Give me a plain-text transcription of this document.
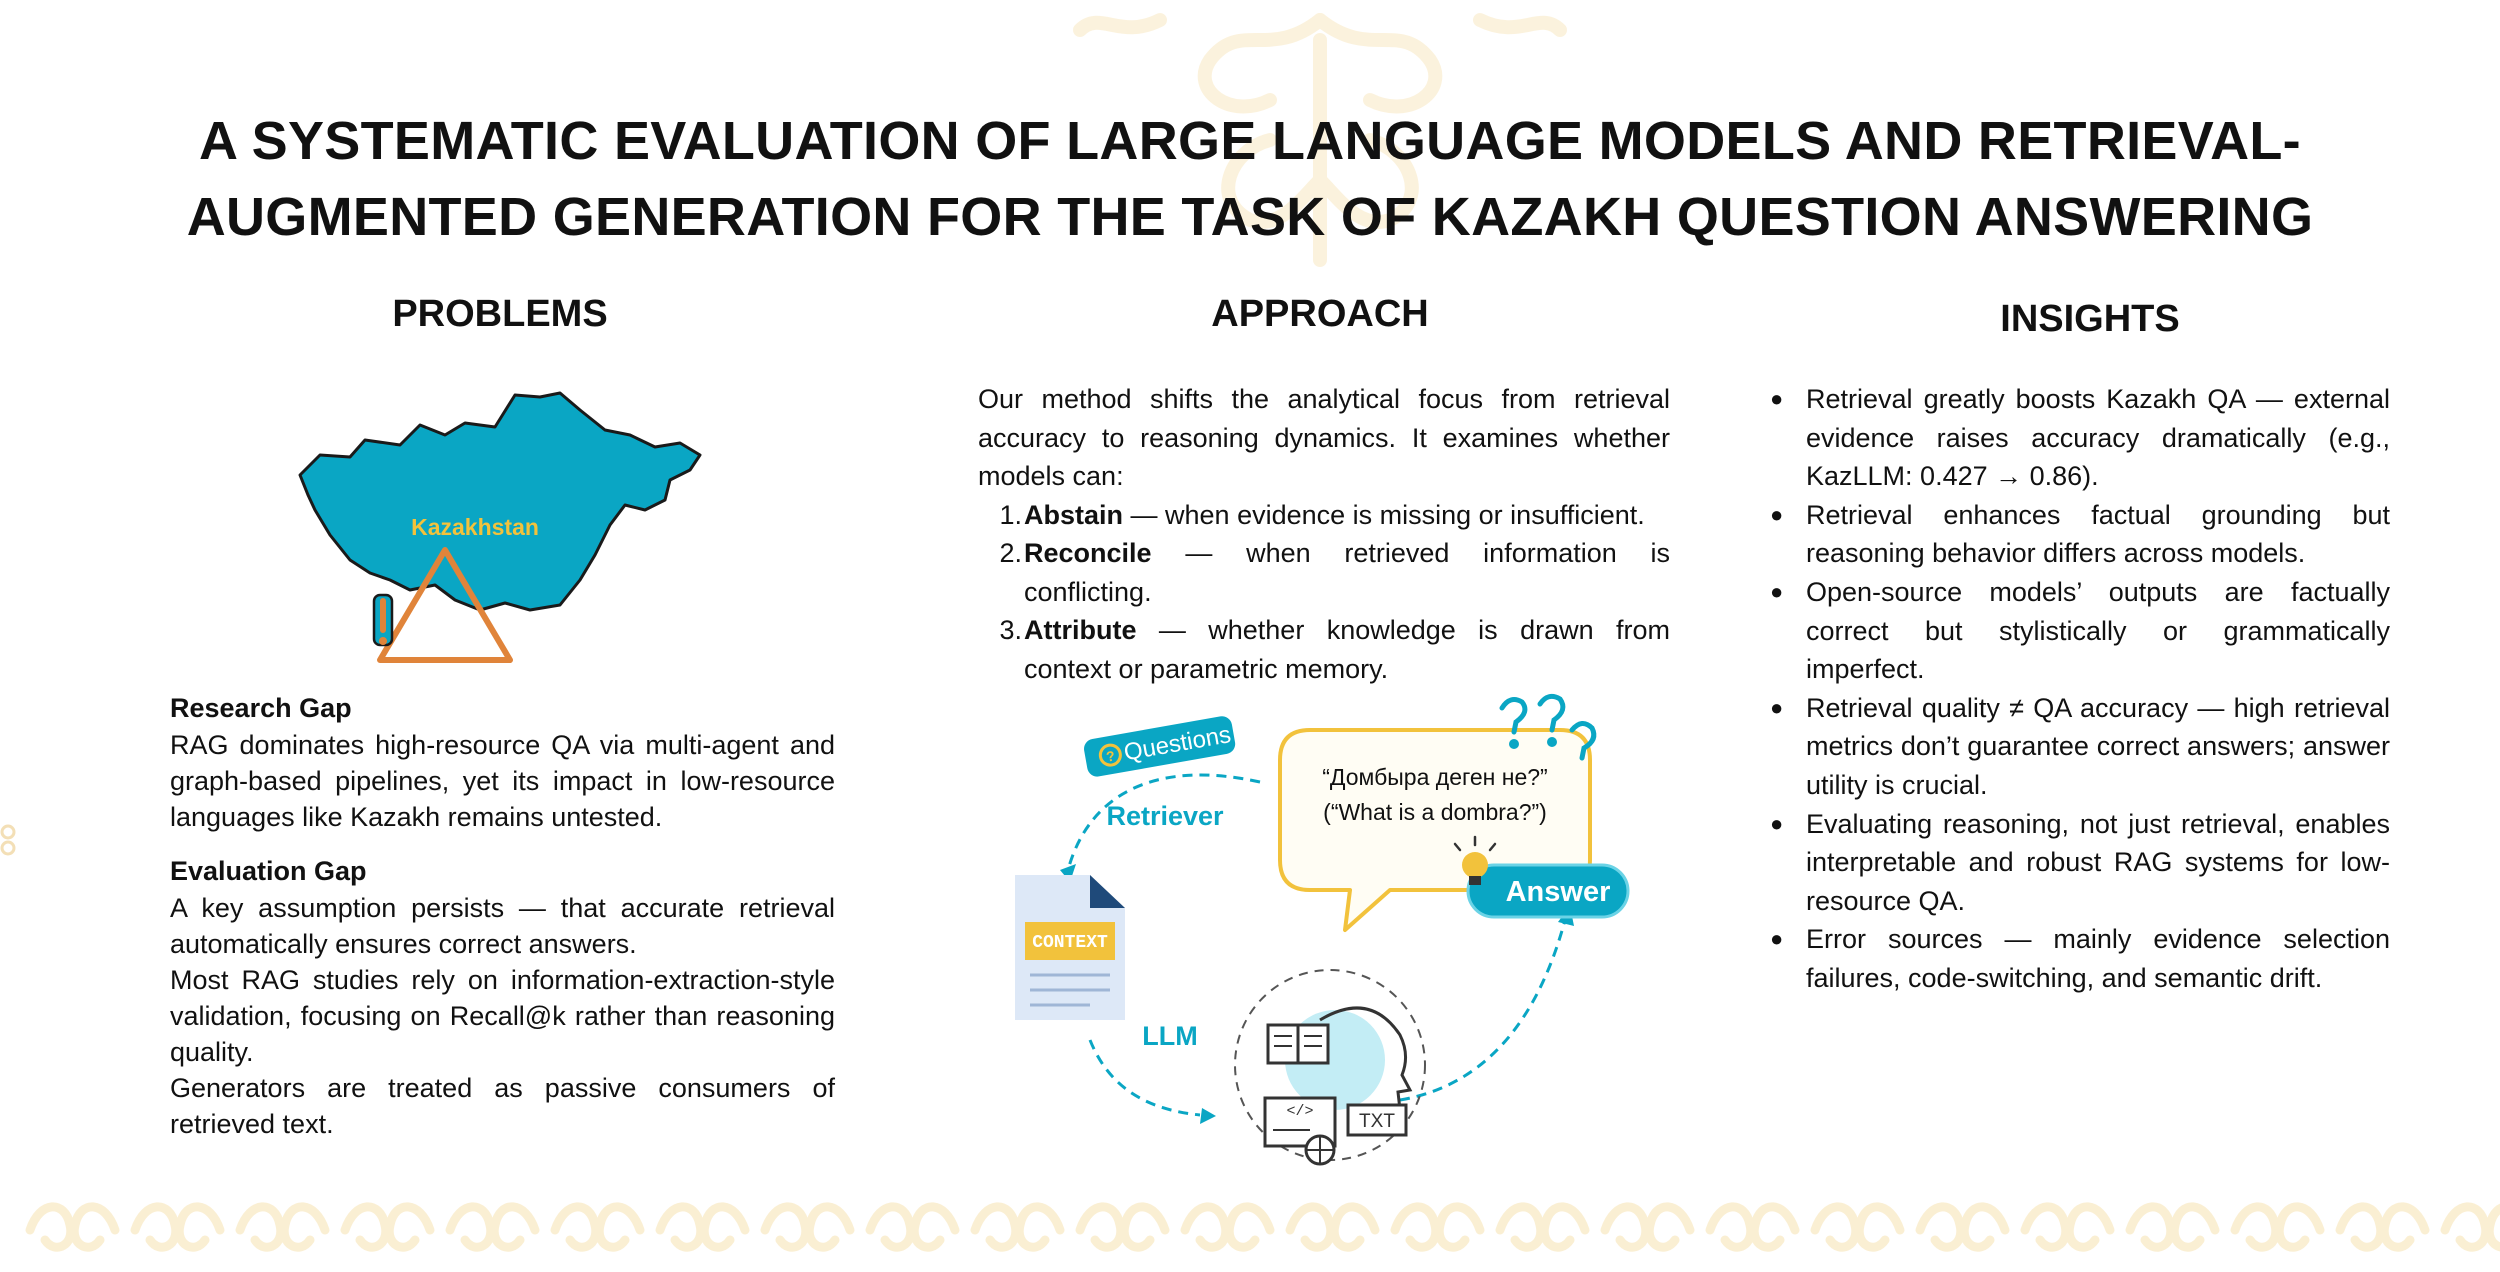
A SYSTEMATIC EVALUATION OF LARGE LANGUAGE MODELS AND RETRIEVAL-AUGMENTED GENERATION FOR THE TASK OF KAZAKH QUESTION ANSWERING
PROBLEMS
Kazakhstan
Research Gap

RAG dominates high-resource QA via multi-agent and graph-based pipelines, yet its impact in low-resource languages like Kazakh remains untested.

Evaluation Gap

A key assumption persists — that accurate retrieval automatically ensures correct answers.

Most RAG studies rely on information-extraction-style validation, focusing on Recall@k rather than reasoning quality.

Generators are treated as passive consumers of retrieved text.

APPROACH

Our method shifts the analytical focus from retrieval accuracy to reasoning dynamics. It examines whether models can:

1. Abstain — when evidence is missing or insufficient.
2. Reconcile — when retrieved information is conflicting.
3. Attribute — whether knowledge is drawn from context or parametric memory.
? Questions
Retriever
“Домбыра деген не?”
(“What is a dombra?”)
Answer
CONTEXT
LLM
</> TXT
INSIGHTS
● Retrieval greatly boosts Kazakh QA — external evidence raises accuracy dramatically (e.g., KazLLM: 0.427 → 0.86).
● Retrieval enhances factual grounding but reasoning behavior differs across models.
● Open-source models’ outputs are factually correct but stylistically or grammatically imperfect.
● Retrieval quality ≠ QA accuracy — high retrieval metrics don’t guarantee correct answers; answer utility is crucial.
● Evaluating reasoning, not just retrieval, enables interpretable and robust RAG systems for low-resource QA.
● Error sources — mainly evidence selection failures, code-switching, and semantic drift.
